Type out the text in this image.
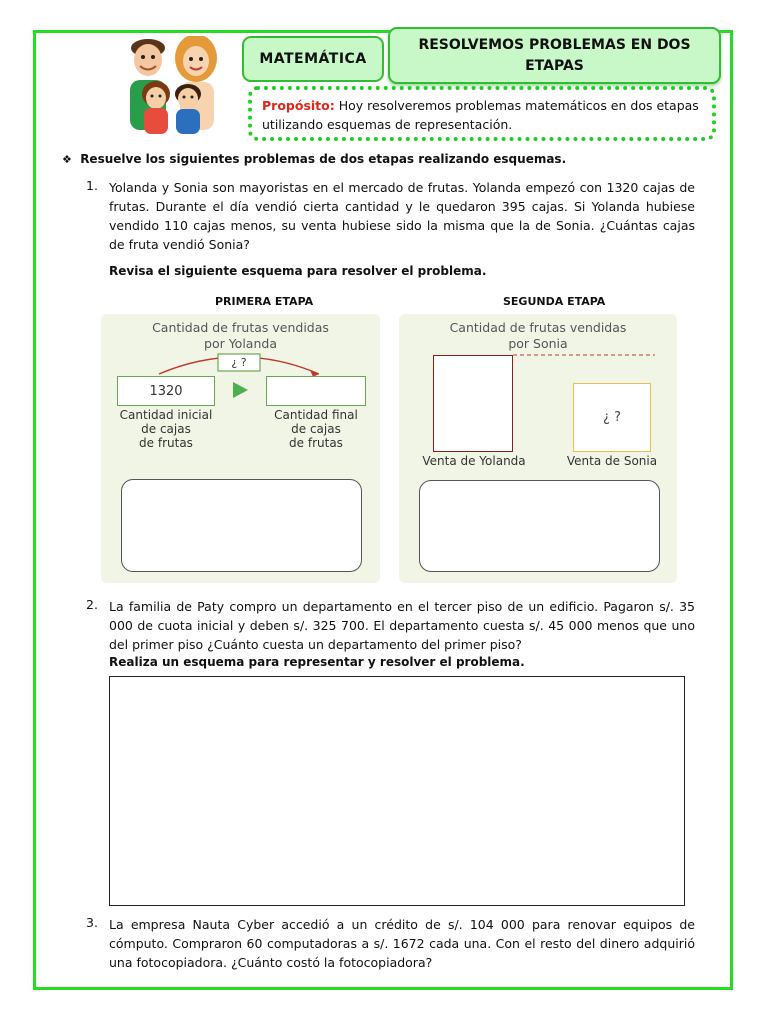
MATEMÁTICA
RESOLVEMOS PROBLEMAS EN DOS ETAPAS
Propósito: Hoy resolveremos problemas matemáticos en dos etapas utilizando esquemas de representación.
❖ Resuelve los siguientes problemas de dos etapas realizando esquemas.
1. Yolanda y Sonia son mayoristas en el mercado de frutas. Yolanda empezó con 1320 cajas de frutas. Durante el día vendió cierta cantidad y le quedaron 395 cajas. Si Yolanda hubiese vendido 110 cajas menos, su venta hubiese sido la misma que la de Sonia. ¿Cuántas cajas de fruta vendió Sonia?
Revisa el siguiente esquema para resolver el problema.
PRIMERA ETAPA	SEGUNDA ETAPA
Cantidad de frutas vendidas
por Yolanda
¿ ?
1320
Cantidad inicial
de cajas
de frutas
Cantidad final
de cajas
de frutas
Cantidad de frutas vendidas
por Sonia
¿ ?
Venta de Yolanda	Venta de Sonia
2. La familia de Paty compro un departamento en el tercer piso de un edificio. Pagaron s/. 35 000 de cuota inicial y deben s/. 325 700. El departamento cuesta s/. 45 000 menos que uno del primer piso ¿Cuánto cuesta un departamento del primer piso?
Realiza un esquema para representar y resolver el problema.
3. La empresa Nauta Cyber accedió a un crédito de s/. 104 000 para renovar equipos de cómputo. Compraron 60 computadoras a s/. 1672 cada una. Con el resto del dinero adquirió una fotocopiadora. ¿Cuánto costó la fotocopiadora?
